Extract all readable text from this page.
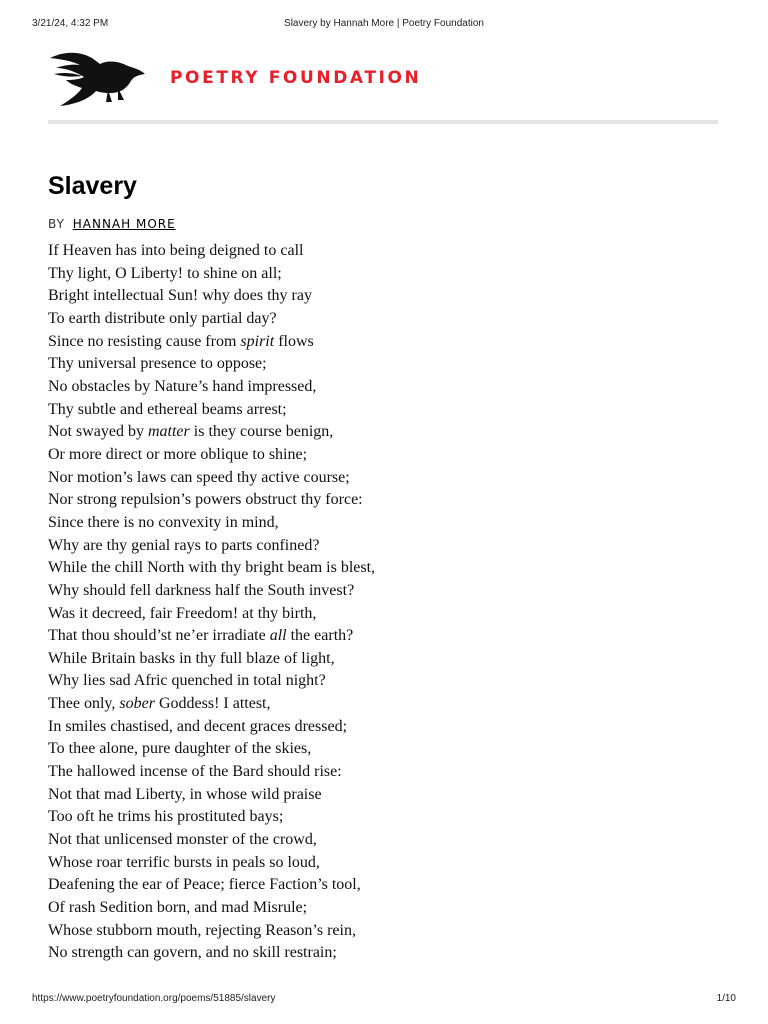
3/21/24, 4:32 PM	Slavery by Hannah More | Poetry Foundation
POETRY FOUNDATION
Slavery
BY HANNAH MORE
If Heaven has into being deigned to call
Thy light, O Liberty! to shine on all;
Bright intellectual Sun! why does thy ray
To earth distribute only partial day?
Since no resisting cause from spirit flows
Thy universal presence to oppose;
No obstacles by Nature’s hand impressed,
Thy subtle and ethereal beams arrest;
Not swayed by matter is they course benign,
Or more direct or more oblique to shine;
Nor motion’s laws can speed thy active course;
Nor strong repulsion’s powers obstruct thy force:
Since there is no convexity in mind,
Why are thy genial rays to parts confined?
While the chill North with thy bright beam is blest,
Why should fell darkness half the South invest?
Was it decreed, fair Freedom! at thy birth,
That thou should’st ne’er irradiate all the earth?
While Britain basks in thy full blaze of light,
Why lies sad Afric quenched in total night?
Thee only, sober Goddess! I attest,
In smiles chastised, and decent graces dressed;
To thee alone, pure daughter of the skies,
The hallowed incense of the Bard should rise:
Not that mad Liberty, in whose wild praise
Too oft he trims his prostituted bays;
Not that unlicensed monster of the crowd,
Whose roar terrific bursts in peals so loud,
Deafening the ear of Peace; fierce Faction’s tool,
Of rash Sedition born, and mad Misrule;
Whose stubborn mouth, rejecting Reason’s rein,
No strength can govern, and no skill restrain;
https://www.poetryfoundation.org/poems/51885/slavery	1/10
